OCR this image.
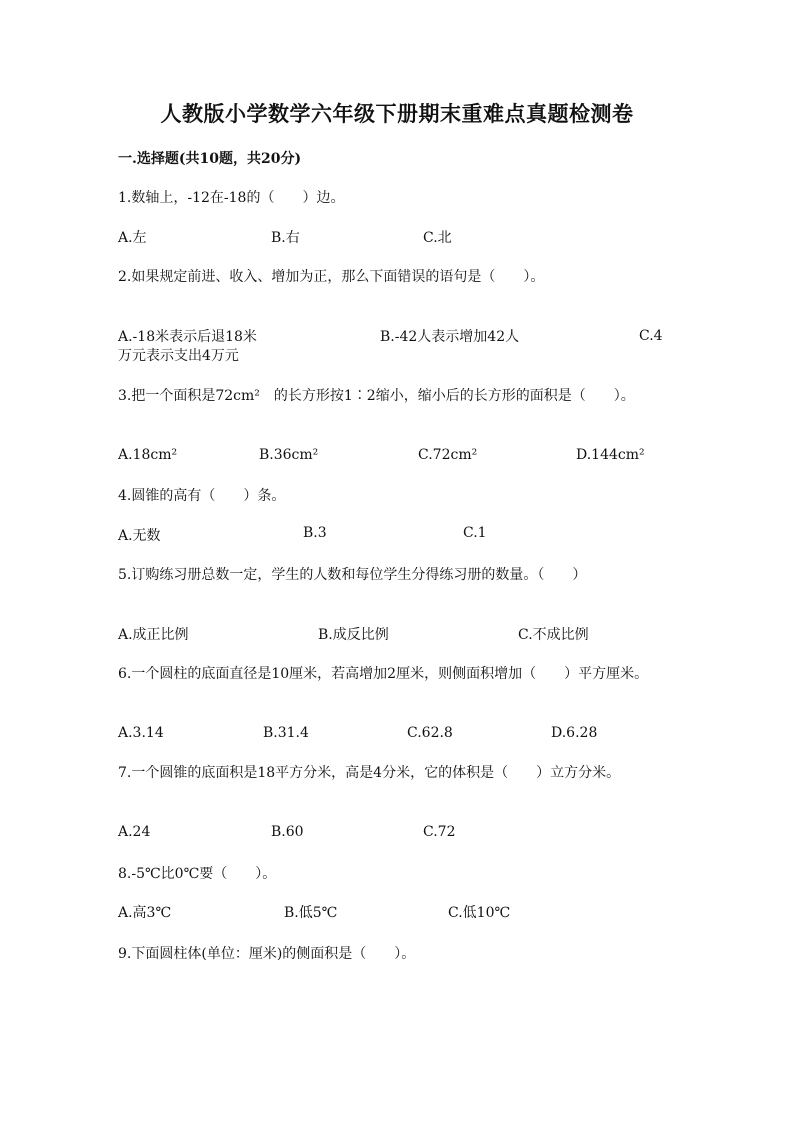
人教版小学数学六年级下册期末重难点真题检测卷
一.选择题(共10题，共20分)
1.数轴上，-12在-18的（　　）边。
A.左	B.右	C.北
2.如果规定前进、收入、增加为正，那么下面错误的语句是（　　）。
A.-18米表示后退18米	B.-42人表示增加42人	C.4万元表示支出4万元
3.把一个面积是72cm²　的长方形按1∶2缩小，缩小后的长方形的面积是（　　）。
A.18cm²	B.36cm²	C.72cm²	D.144cm²
4.圆锥的高有（　　）条。
A.无数	B.3	C.1
5.订购练习册总数一定，学生的人数和每位学生分得练习册的数量。（　　）
A.成正比例	B.成反比例	C.不成比例
6.一个圆柱的底面直径是10厘米，若高增加2厘米，则侧面积增加（　　）平方厘米。
A.3.14	B.31.4	C.62.8	D.6.28
7.一个圆锥的底面积是18平方分米，高是4分米，它的体积是（　　）立方分米。
A.24	B.60	C.72
8.-5℃比0℃要（　　）。
A.高3℃	B.低5℃	C.低10℃
9.下面圆柱体(单位：厘米)的侧面积是（　　）。
